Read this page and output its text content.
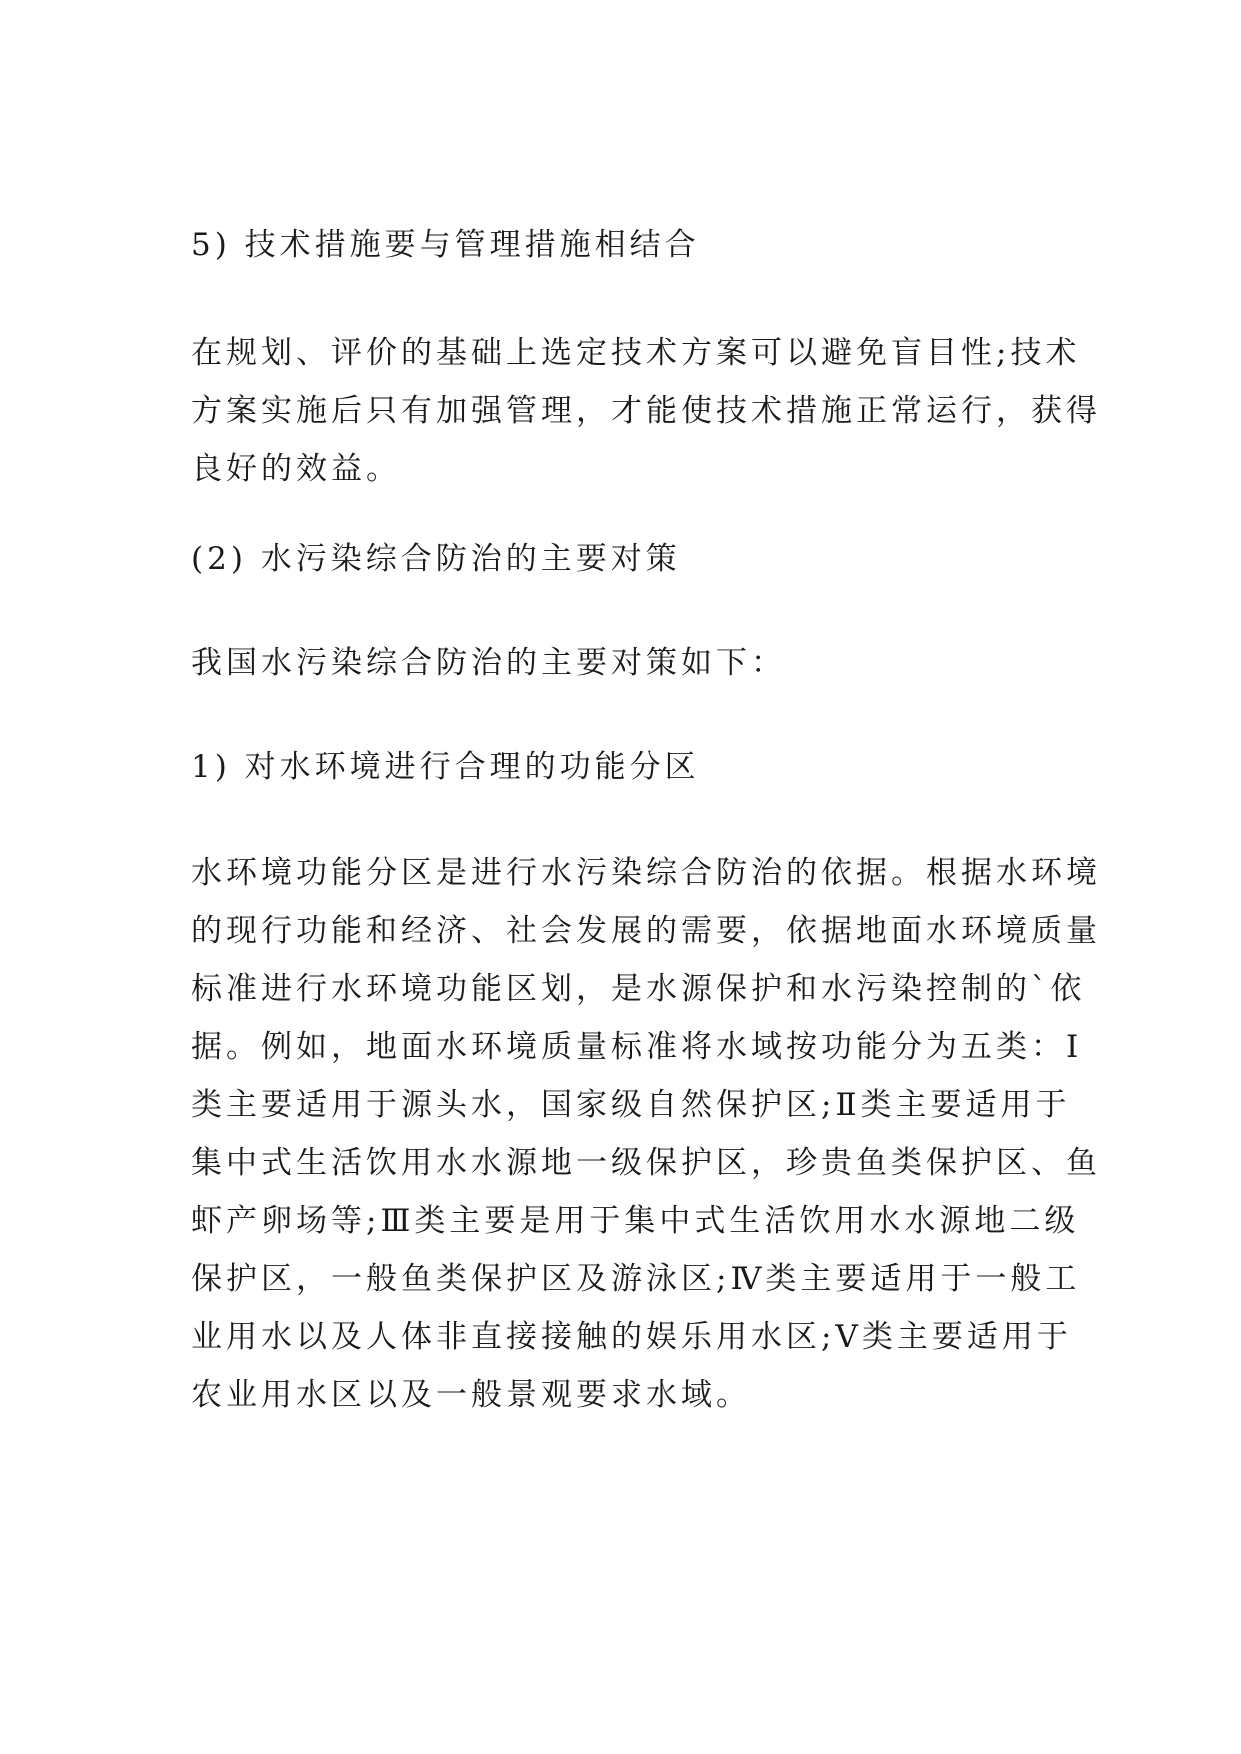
5) 技术措施要与管理措施相结合

在规划、评价的基础上选定技术方案可以避免盲目性;技术
方案实施后只有加强管理，才能使技术措施正常运行，获得
良好的效益。

(2) 水污染综合防治的主要对策

我国水污染综合防治的主要对策如下：

1) 对水环境进行合理的功能分区

水环境功能分区是进行水污染综合防治的依据。根据水环境
的现行功能和经济、社会发展的需要，依据地面水环境质量
标准进行水环境功能区划，是水源保护和水污染控制的`依
据。例如，地面水环境质量标准将水域按功能分为五类：Ⅰ
类主要适用于源头水，国家级自然保护区;Ⅱ类主要适用于
集中式生活饮用水水源地一级保护区，珍贵鱼类保护区、鱼
虾产卵场等;Ⅲ类主要是用于集中式生活饮用水水源地二级
保护区，一般鱼类保护区及游泳区;Ⅳ类主要适用于一般工
业用水以及人体非直接接触的娱乐用水区;Ⅴ类主要适用于
农业用水区以及一般景观要求水域。
